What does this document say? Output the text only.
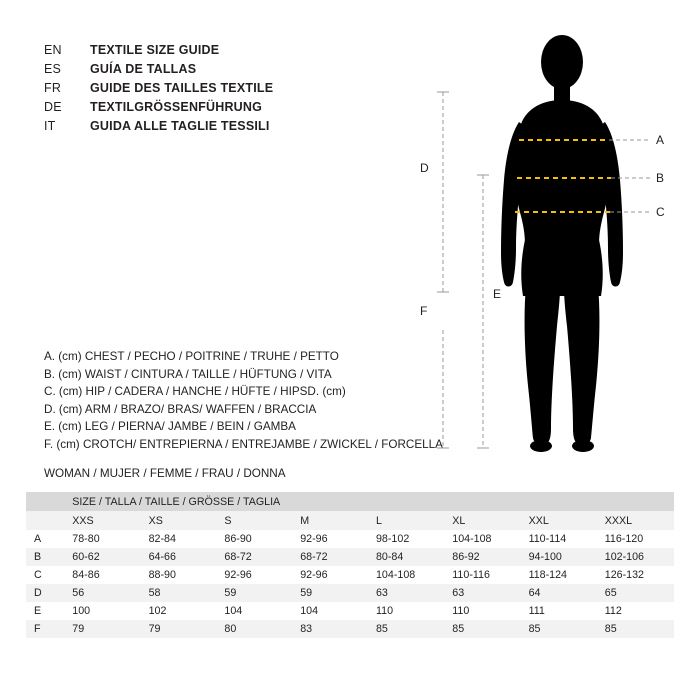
EN	TEXTILE SIZE GUIDE
ES	GUÍA DE TALLAS
FR	GUIDE DES TAILLES TEXTILE
DE	TEXTILGRÖSSENFÜHRUNG
IT	GUIDA ALLE TAGLIE TESSILI
A. (cm) CHEST / PECHO / POITRINE / TRUHE / PETTO
B. (cm) WAIST / CINTURA / TAILLE / HÜFTUNG / VITA
C. (cm) HIP / CADERA / HANCHE / HÜFTE / HIPSD. (cm)
D. (cm) ARM / BRAZO/ BRAS/ WAFFEN / BRACCIA
E. (cm) LEG / PIERNA/ JAMBE / BEIN / GAMBA
F. (cm) CROTCH/ ENTREPIERNA / ENTREJAMBE / ZWICKEL / FORCELLA
WOMAN / MUJER / FEMME / FRAU / DONNA
A
B
C
D
E
F
	SIZE / TALLA / TAILLE / GRÖSSE / TAGLIA							
	XXS	XS	S	M	L	XL	XXL	XXXL
A	78-80	82-84	86-90	92-96	98-102	104-108	110-114	116-120
B	60-62	64-66	68-72	68-72	80-84	86-92	94-100	102-106
C	84-86	88-90	92-96	92-96	104-108	110-116	118-124	126-132
D	56	58	59	59	63	63	64	65
E	100	102	104	104	110	110	111	112
F	79	79	80	83	85	85	85	85
